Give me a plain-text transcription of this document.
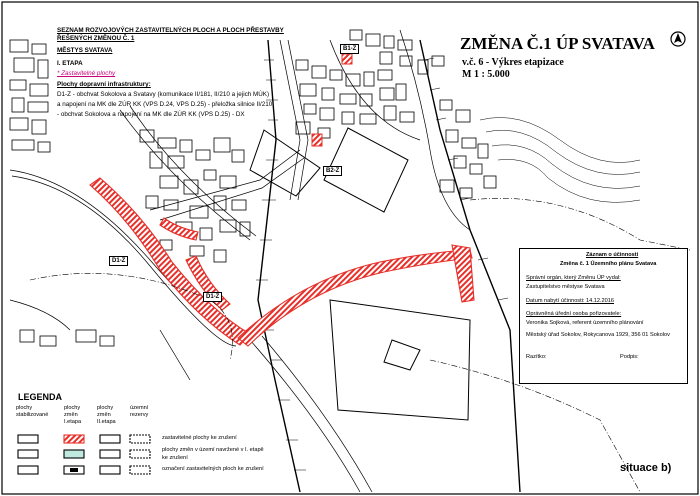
SEZNAM ROZVOJOVÝCH ZASTAVITELNÝCH PLOCH A PLOCH PŘESTAVBY
ŘEŠENÝCH ZMĚNOU Č. 1
MĚSTYS SVATAVA
I. ETAPA
* Zastavitelné plochy
Plochy dopravní infrastruktury:
D1-Z - obchvat Sokolova a Svatavy (komunikace II/181, II/210 a jejich MÚK)
a napojení na MK dle ZÚR KK (VPS D.24, VPS D.25) - přeložka silnice II/210
- obchvat Sokolova a napojení na MK dle ZÚR KK (VPS D.25) - DX
ZMĚNA Č.1 ÚP SVATAVA
v.č. 6 - Výkres etapizace
M 1 : 5.000
B1-Z
B2-Z
D1-Z
D1-Z
Záznam o účinnosti
Změna č. 1 Územního plánu Svatava
Správní orgán, který Změnu ÚP vydal:
Zastupitelstvo městyse Svatava
Datum nabytí účinnosti: 14.12.2016
Oprávněná úřední osoba pořizovatele:
Veronika Sojková, referent územního plánování
Městský úřad Sokolov, Rokycanova 1929, 356 01 Sokolov
Razítko:	Podpis:
LEGENDA
plochy
stabilizované
plochy
změn
I.etapa
plochy
změn
II.etapa
územní
rezervy
zastavitelné plochy ke zrušení
plochy změn v území navržené v I. etapě
ke zrušení
označení zastavitelných ploch ke zrušení	situace b)
